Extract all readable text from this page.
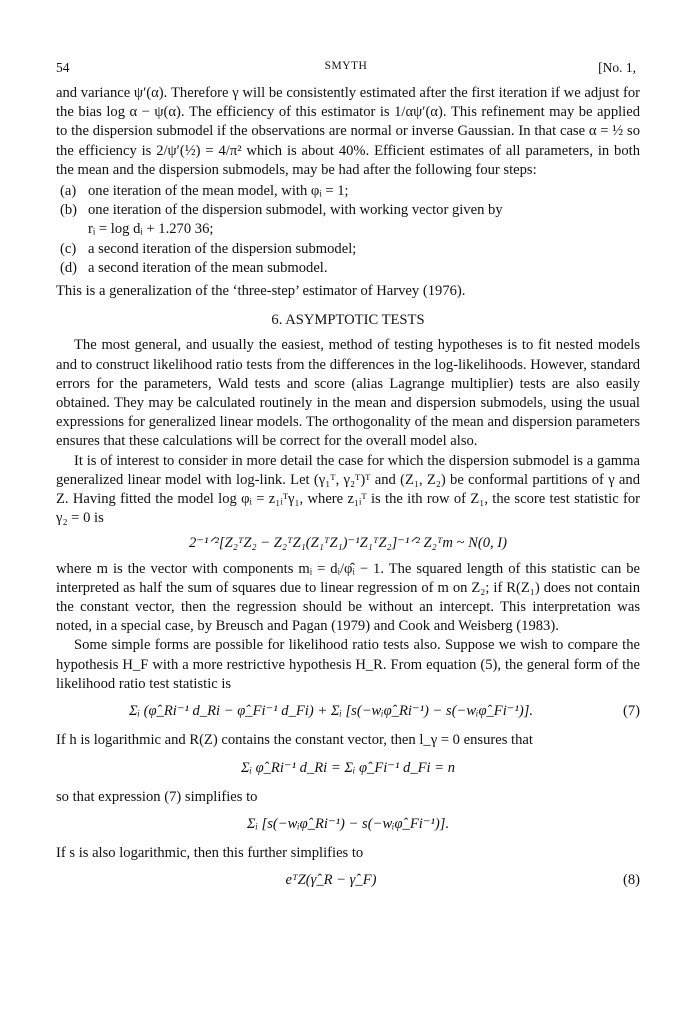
54	SMYTH	[No. 1,

and variance ψ′(α). Therefore γ will be consistently estimated after the first iteration if we adjust for the bias log α − ψ(α). The efficiency of this estimator is 1/αψ′(α). This refinement may be applied to the dispersion submodel if the observations are normal or inverse Gaussian. In that case α = ½ so the efficiency is 2/ψ′(½) = 4/π² which is about 40%. Efficient estimates of all parameters, in both the mean and the dispersion submodels, may be had after the following four steps:

(a) one iteration of the mean model, with φᵢ = 1;
(b) one iteration of the dispersion submodel, with working vector given by
rᵢ = log dᵢ + 1.270 36;
(c) a second iteration of the dispersion submodel;
(d) a second iteration of the mean submodel.

This is a generalization of the ‘three-step’ estimator of Harvey (1976).

6. ASYMPTOTIC TESTS

The most general, and usually the easiest, method of testing hypotheses is to fit nested models and to construct likelihood ratio tests from the differences in the log-likelihoods. However, standard errors for the parameters, Wald tests and score (alias Lagrange multiplier) tests are also easily obtained. They may be calculated routinely in the mean and dispersion submodels, using the usual expressions for generalized linear models. The orthogonality of the mean and dispersion parameters ensures that these calculations will be correct for the overall model also.

It is of interest to consider in more detail the case for which the dispersion submodel is a gamma generalized linear model with log-link. Let (γ₁ᵀ, γ₂ᵀ)ᵀ and (Z₁, Z₂) be conformal partitions of γ and Z. Having fitted the model log φᵢ = z₁ᵢᵀγ₁, where z₁ᵢᵀ is the ith row of Z₁, the score test statistic for γ₂ = 0 is

2⁻¹ᐟ²[Z₂ᵀZ₂ − Z₂ᵀZ₁(Z₁ᵀZ₁)⁻¹Z₁ᵀZ₂]⁻¹ᐟ² Z₂ᵀm ~ N(0, I)

where m is the vector with components mᵢ = dᵢ/φ̂ᵢ − 1. The squared length of this statistic can be interpreted as half the sum of squares due to linear regression of m on Z₂; if R(Z₁) does not contain the constant vector, then the regression should be without an intercept. This interpretation was noted, in a special case, by Breusch and Pagan (1979) and Cook and Weisberg (1983).

Some simple forms are possible for likelihood ratio tests also. Suppose we wish to compare the hypothesis H_F with a more restrictive hypothesis H_R. From equation (5), the general form of the likelihood ratio test statistic is

Σᵢ (φ̂_Ri⁻¹ d_Ri − φ̂_Fi⁻¹ d_Fi) + Σᵢ [s(−wᵢφ̂_Ri⁻¹) − s(−wᵢφ̂_Fi⁻¹)].	(7)

If h is logarithmic and R(Z) contains the constant vector, then l_γ = 0 ensures that

Σᵢ φ̂_Ri⁻¹ d_Ri = Σᵢ φ̂_Fi⁻¹ d_Fi = n

so that expression (7) simplifies to

Σᵢ [s(−wᵢφ̂_Ri⁻¹) − s(−wᵢφ̂_Fi⁻¹)].

If s is also logarithmic, then this further simplifies to

eᵀZ(γ̂_R − γ̂_F)	(8)
